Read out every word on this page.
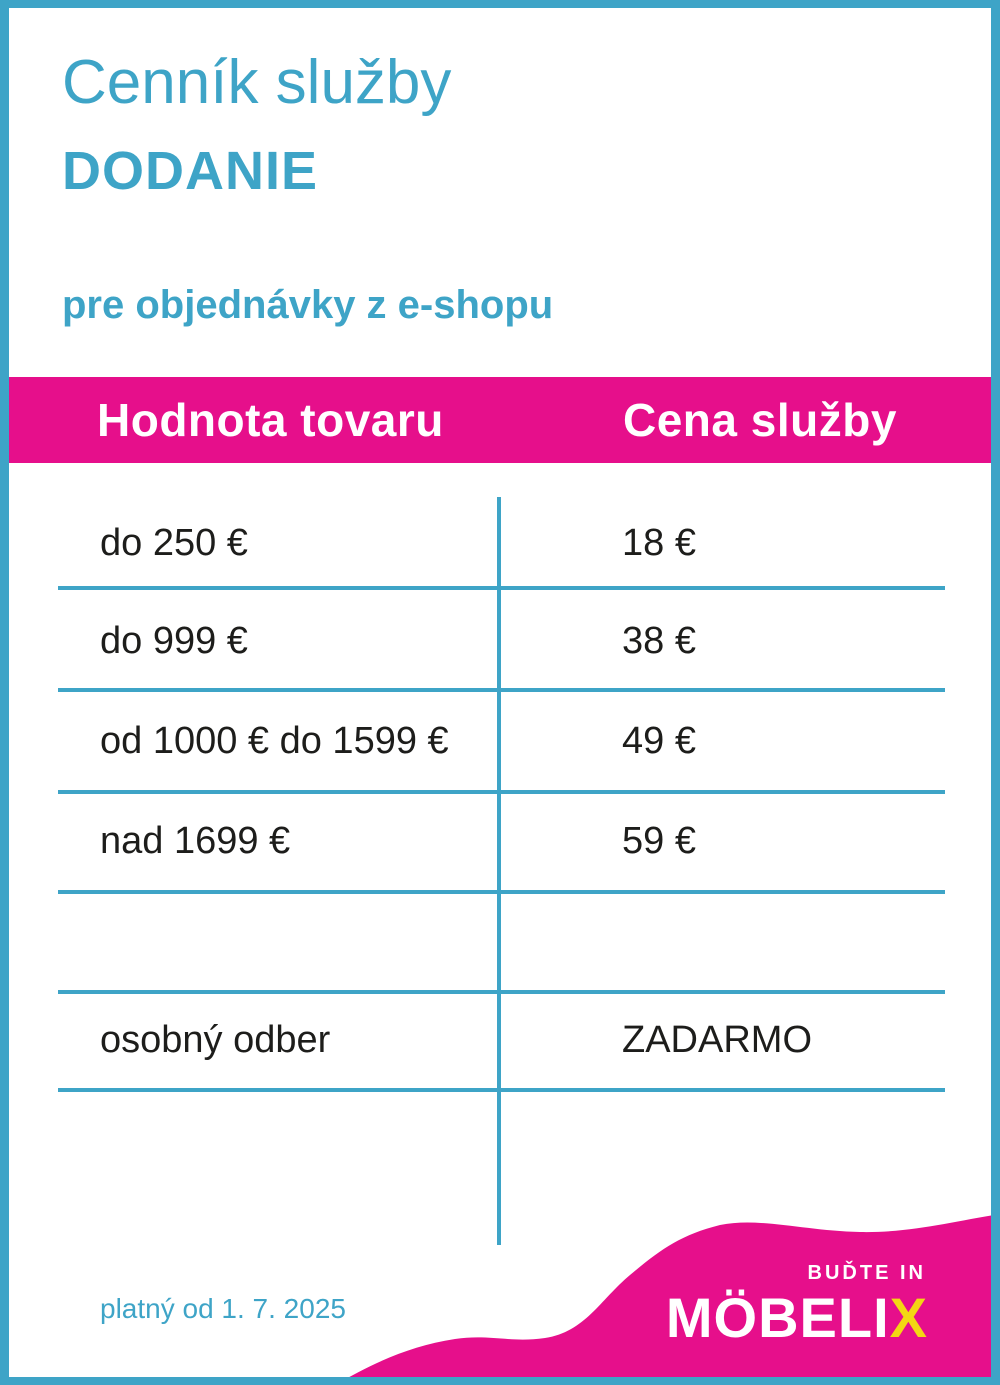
Cenník služby
DODANIE
pre objednávky z e-shopu
Hodnota tovaru	Cena služby
do 250 €	18 €
do 999 €	38 €
od 1000 € do 1599 €	49 €
nad 1699 €	59 €
osobný odber	ZADARMO
platný od 1. 7. 2025
BUĎTE IN
MÖBELIX
